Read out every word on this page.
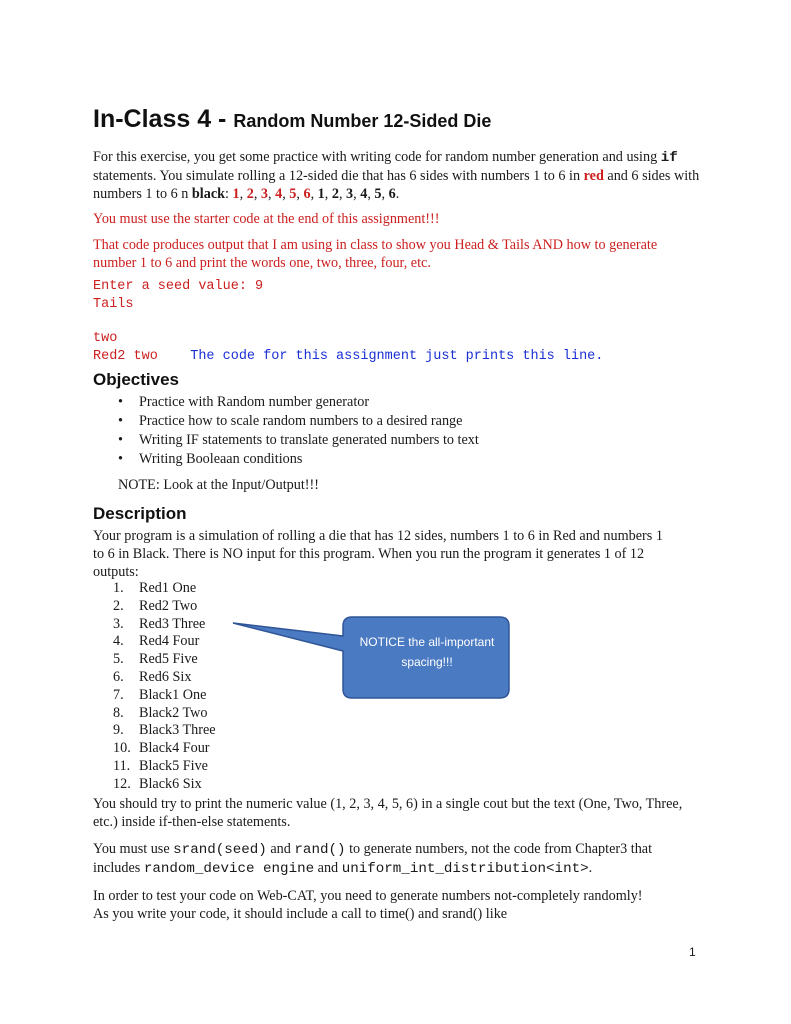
In-Class 4 - Random Number 12-Sided Die

For this exercise, you get some practice with writing code for random number generation and using if statements. You simulate rolling a 12-sided die that has 6 sides with numbers 1 to 6 in red and 6 sides with numbers 1 to 6 n black: 1, 2, 3, 4, 5, 6, 1, 2, 3, 4, 5, 6.

You must use the starter code at the end of this assignment!!!

That code produces output that I am using in class to show you Head & Tails AND how to generate number 1 to 6 and print the words one, two, three, four, etc.

Enter a seed value: 9
Tails
two
Red2 two The code for this assignment just prints this line.
Objectives
• Practice with Random number generator
• Practice how to scale random numbers to a desired range
• Writing IF statements to translate generated numbers to text
• Writing Booleaan conditions

NOTE: Look at the Input/Output!!!

Description

Your program is a simulation of rolling a die that has 12 sides, numbers 1 to 6 in Red and numbers 1 to 6 in Black. There is NO input for this program. When you run the program it generates 1 of 12 outputs:

1.	Red1 One
2.	Red2 Two
3.	Red3 Three
4.	Red4 Four
5.	Red5 Five
6.	Red6 Six
7.	Black1 One
8.	Black2 Two
9.	Black3 Three
10. Black4 Four
11. Black5 Five
12. Black6 Six
NOTICE the all-important spacing!!!

You should try to print the numeric value (1, 2, 3, 4, 5, 6) in a single cout but the text (One, Two, Three, etc.) inside if-then-else statements.

You must use srand(seed) and rand() to generate numbers, not the code from Chapter3 that includes random_device engine and uniform_int_distribution<int>.

In order to test your code on Web-CAT, you need to generate numbers not-completely randomly! As you write your code, it should include a call to time() and srand() like

1
